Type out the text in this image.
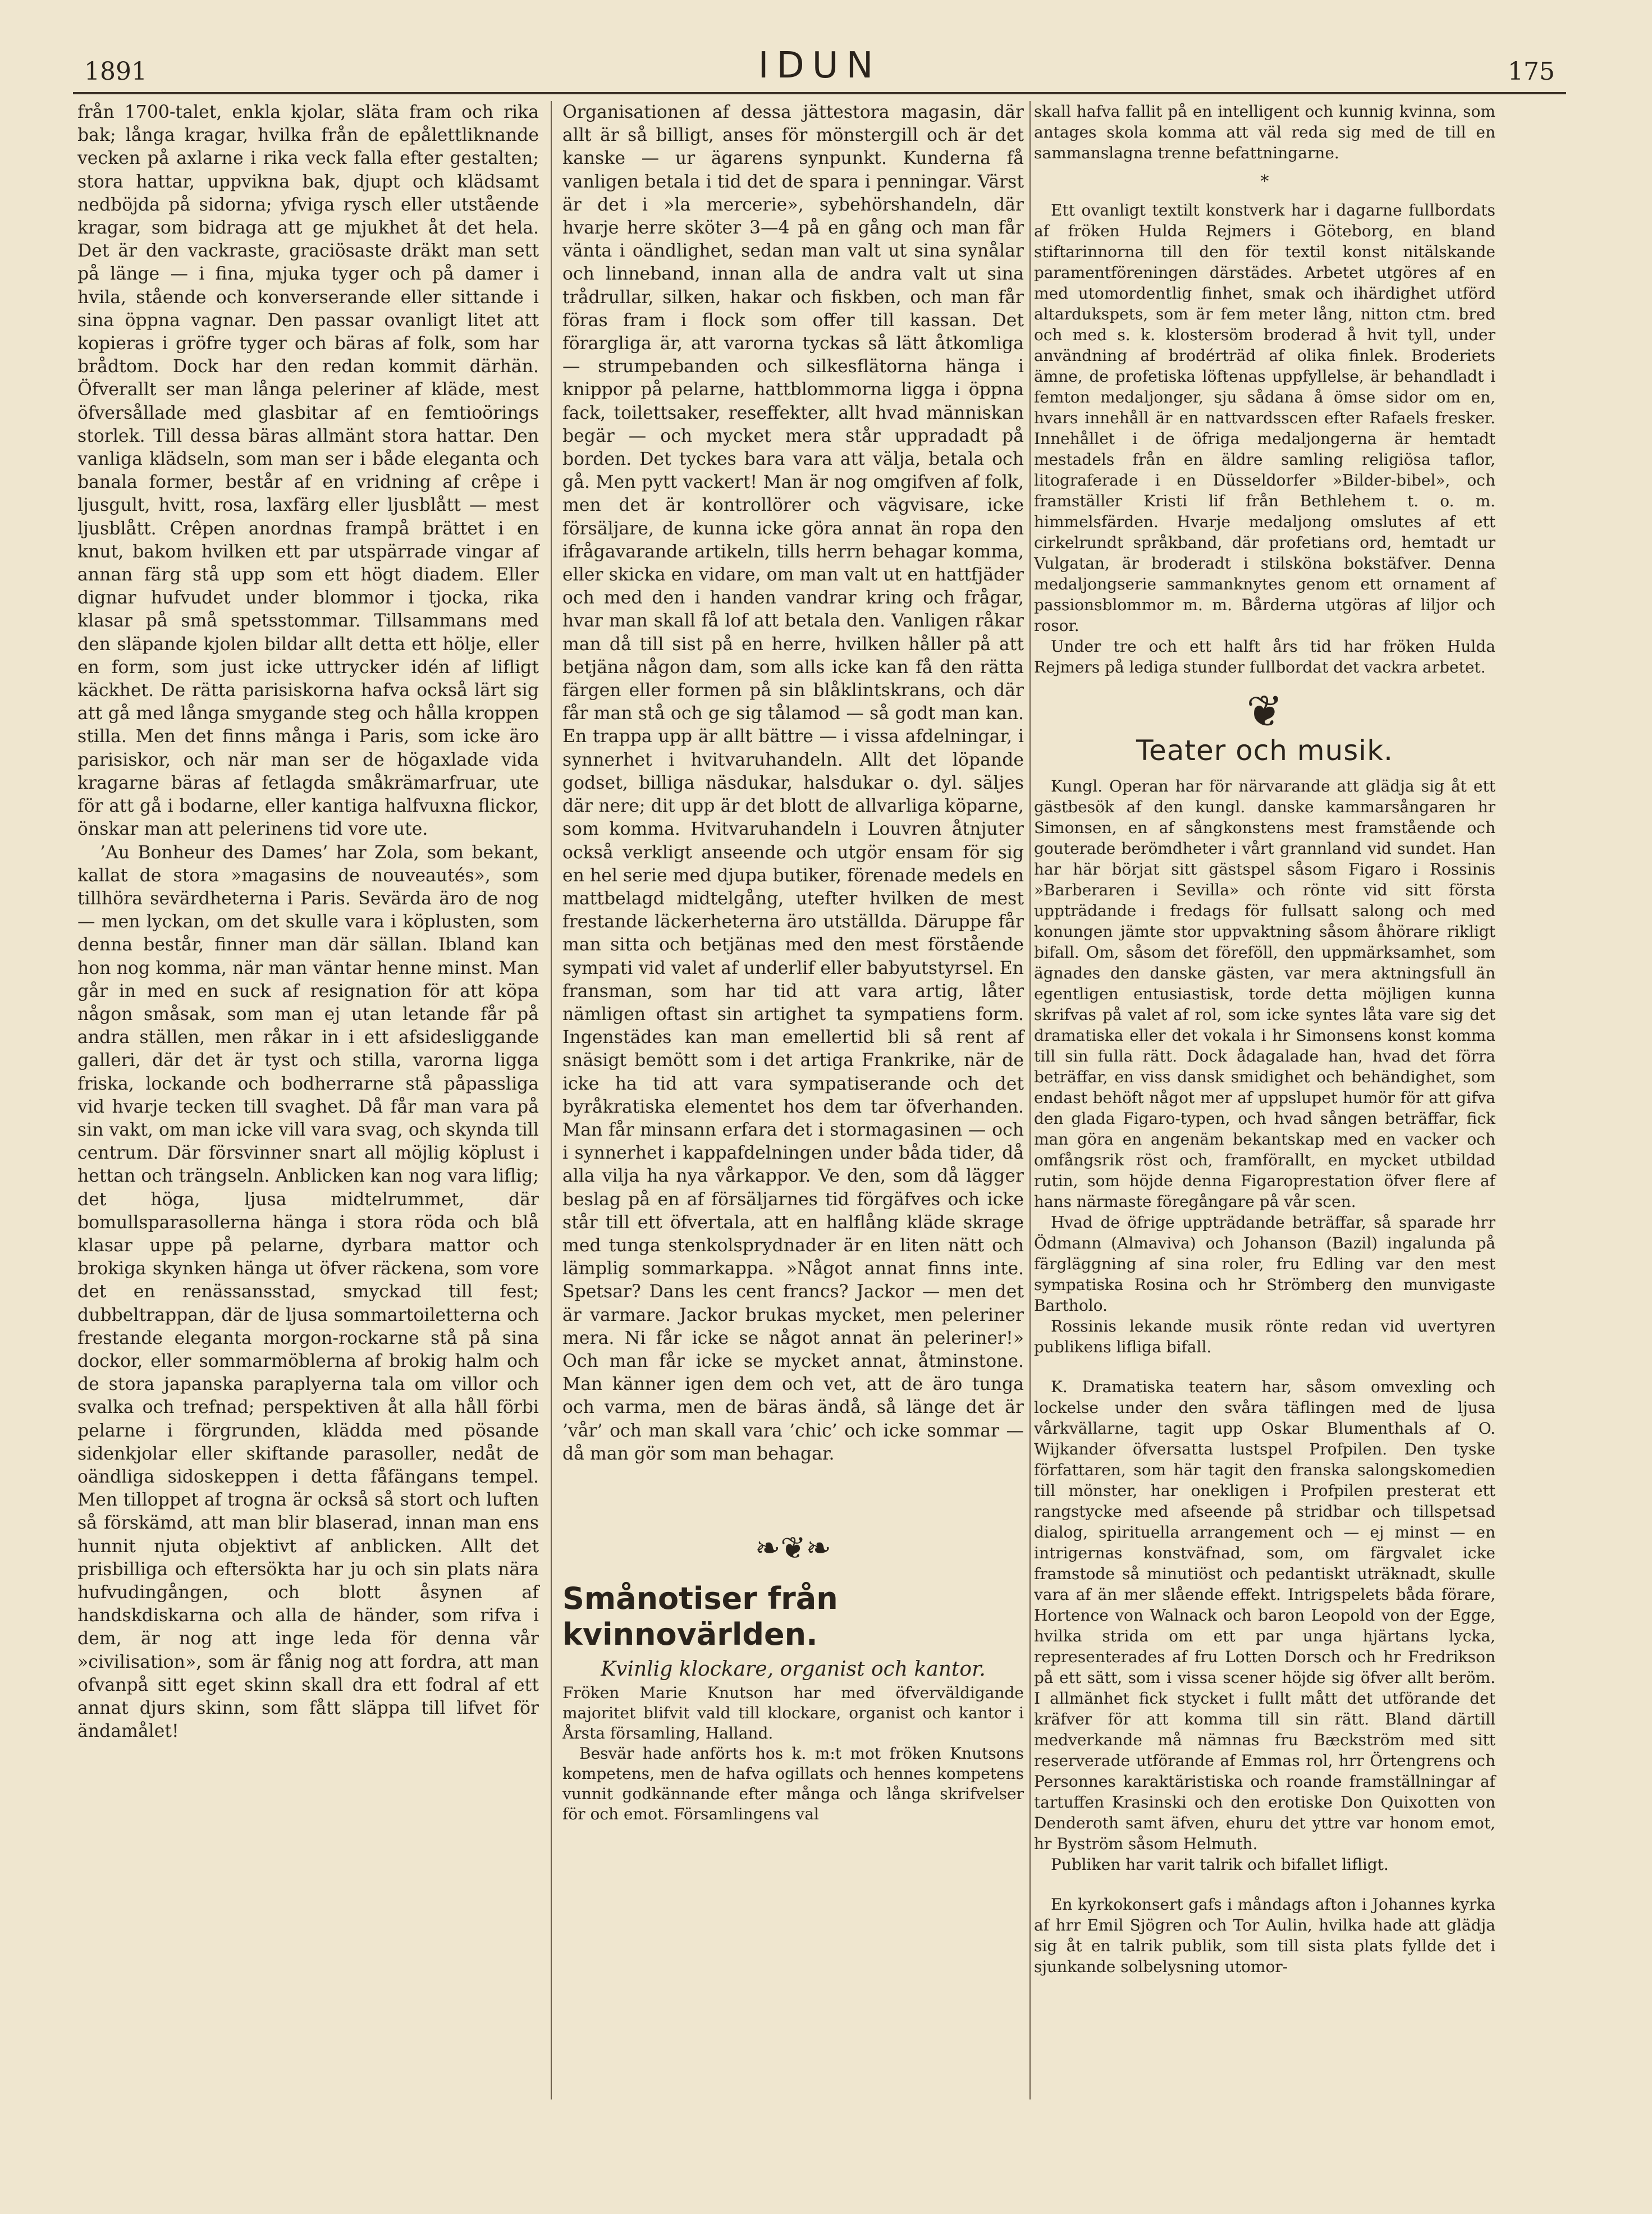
1891	IDUN	175

från 1700-talet, enkla kjolar, släta fram och rika bak; långa kragar, hvilka från de epålettliknande vecken på axlarne i rika veck falla efter gestalten; stora hattar, uppvikna bak, djupt och klädsamt nedböjda på sidorna; yfviga rysch eller utstående kragar, som bidraga att ge mjukhet åt det hela. Det är den vackraste, graciösaste dräkt man sett på länge — i fina, mjuka tyger och på damer i hvila, stående och konverserande eller sittande i sina öppna vagnar. Den passar ovanligt litet att kopieras i gröfre tyger och bäras af folk, som har brådtom. Dock har den redan kommit därhän. Öfverallt ser man långa peleriner af kläde, mest öfversållade med glasbitar af en femtioörings storlek. Till dessa bäras allmänt stora hattar. Den vanliga klädseln, som man ser i både eleganta och banala former, består af en vridning af crêpe i ljusgult, hvitt, rosa, laxfärg eller ljusblått — mest ljusblått. Crêpen anordnas frampå brättet i en knut, bakom hvilken ett par utspärrade vingar af annan färg stå upp som ett högt diadem. Eller dignar hufvudet under blommor i tjocka, rika klasar på små spetsstommar. Tillsammans med den släpande kjolen bildar allt detta ett hölje, eller en form, som just icke uttrycker idén af lifligt käckhet. De rätta parisiskorna hafva också lärt sig att gå med långa smygande steg och hålla kroppen stilla. Men det finns många i Paris, som icke äro parisiskor, och när man ser de högaxlade vida kragarne bäras af fetlagda småkrämarfruar, ute för att gå i bodarne, eller kantiga halfvuxna flickor, önskar man att pelerinens tid vore ute.

’Au Bonheur des Dames’ har Zola, som bekant, kallat de stora »magasins de nouveautés», som tillhöra sevärdheterna i Paris. Sevärda äro de nog — men lyckan, om det skulle vara i köplusten, som denna består, finner man där sällan. Ibland kan hon nog komma, när man väntar henne minst. Man går in med en suck af resignation för att köpa någon småsak, som man ej utan letande får på andra ställen, men råkar in i ett afsidesliggande galleri, där det är tyst och stilla, varorna ligga friska, lockande och bodherrarne stå påpassliga vid hvarje tecken till svaghet. Då får man vara på sin vakt, om man icke vill vara svag, och skynda till centrum. Där försvinner snart all möjlig köplust i hettan och trängseln. Anblicken kan nog vara liflig; det höga, ljusa midtelrummet, där bomullsparasollerna hänga i stora röda och blå klasar uppe på pelarne, dyrbara mattor och brokiga skynken hänga ut öfver räckena, som vore det en renässansstad, smyckad till fest; dubbeltrappan, där de ljusa sommartoiletterna och frestande eleganta morgon-rockarne stå på sina dockor, eller sommarmöblerna af brokig halm och de stora japanska paraplyerna tala om villor och svalka och trefnad; perspektiven åt alla håll förbi pelarne i förgrunden, klädda med pösande sidenkjolar eller skiftande parasoller, nedåt de oändliga sidoskeppen i detta fåfängans tempel. Men tilloppet af trogna är också så stort och luften så förskämd, att man blir blaserad, innan man ens hunnit njuta objektivt af anblicken. Allt det prisbilliga och eftersökta har ju och sin plats nära hufvudingången, och blott åsynen af handskdiskarna och alla de händer, som rifva i dem, är nog att inge leda för denna vår »civilisation», som är fånig nog att fordra, att man ofvanpå sitt eget skinn skall dra ett fodral af ett annat djurs skinn, som fått släppa till lifvet för ändamålet!

Organisationen af dessa jättestora magasin, där allt är så billigt, anses för mönstergill och är det kanske — ur ägarens synpunkt. Kunderna få vanligen betala i tid det de spara i penningar. Värst är det i »la mercerie», sybehörshandeln, där hvarje herre sköter 3—4 på en gång och man får vänta i oändlighet, sedan man valt ut sina synålar och linneband, innan alla de andra valt ut sina trådrullar, silken, hakar och fiskben, och man får föras fram i flock som offer till kassan. Det förargliga är, att varorna tyckas så lätt åtkomliga — strumpebanden och silkesflätorna hänga i knippor på pelarne, hattblommorna ligga i öppna fack, toilettsaker, reseffekter, allt hvad människan begär — och mycket mera står uppradadt på borden. Det tyckes bara vara att välja, betala och gå. Men pytt vackert! Man är nog omgifven af folk, men det är kontrollörer och vägvisare, icke försäljare, de kunna icke göra annat än ropa den ifrågavarande artikeln, tills herrn behagar komma, eller skicka en vidare, om man valt ut en hattfjäder och med den i handen vandrar kring och frågar, hvar man skall få lof att betala den. Vanligen råkar man då till sist på en herre, hvilken håller på att betjäna någon dam, som alls icke kan få den rätta färgen eller formen på sin blåklintskrans, och där får man stå och ge sig tålamod — så godt man kan. En trappa upp är allt bättre — i vissa afdelningar, i synnerhet i hvitvaruhandeln. Allt det löpande godset, billiga näsdukar, halsdukar o. dyl. säljes där nere; dit upp är det blott de allvarliga köparne, som komma. Hvitvaruhandeln i Louvren åtnjuter också verkligt anseende och utgör ensam för sig en hel serie med djupa butiker, förenade medels en mattbelagd midtelgång, utefter hvilken de mest frestande läckerheterna äro utställda. Däruppe får man sitta och betjänas med den mest förstående sympati vid valet af underlif eller babyutstyrsel. En fransman, som har tid att vara artig, låter nämligen oftast sin artighet ta sympatiens form. Ingenstädes kan man emellertid bli så rent af snäsigt bemött som i det artiga Frankrike, när de icke ha tid att vara sympatiserande och det byråkratiska elementet hos dem tar öfverhanden. Man får minsann erfara det i stormagasinen — och i synnerhet i kappafdelningen under båda tider, då alla vilja ha nya vårkappor. Ve den, som då lägger beslag på en af försäljarnes tid förgäfves och icke står till ett öfvertala, att en halflång kläde skrage med tunga stenkolsprydnader är en liten nätt och lämplig sommarkappa. »Något annat finns inte. Spetsar? Dans les cent francs? Jackor — men det är varmare. Jackor brukas mycket, men peleriner mera. Ni får icke se något annat än peleriner!» Och man får icke se mycket annat, åtminstone. Man känner igen dem och vet, att de äro tunga och varma, men de bäras ändå, så länge det är ’vår’ och man skall vara ’chic’ och icke sommar — då man gör som man behagar.

❧❦❧
Smånotiser från kvinnovärlden.
Kvinlig klockare, organist och kantor.

Fröken Marie Knutson har med öfverväldigande majoritet blifvit vald till klockare, organist och kantor i Årsta församling, Halland.

Besvär hade anförts hos k. m:t mot fröken Knutsons kompetens, men de hafva ogillats och hennes kompetens vunnit godkännande efter många och långa skrifvelser för och emot. Församlingens val

skall hafva fallit på en intelligent och kunnig kvinna, som antages skola komma att väl reda sig med de till en sammanslagna trenne befattningarne.

*

Ett ovanligt textilt konstverk har i dagarne fullbordats af fröken Hulda Rejmers i Göteborg, en bland stiftarinnorna till den för textil konst nitälskande paramentföreningen därstädes. Arbetet utgöres af en med utomordentlig finhet, smak och ihärdighet utförd altardukspets, som är fem meter lång, nitton ctm. bred och med s. k. klostersöm broderad å hvit tyll, under användning af brodérträd af olika finlek. Broderiets ämne, de profetiska löftenas uppfyllelse, är behandladt i femton medaljonger, sju sådana å ömse sidor om en, hvars innehåll är en nattvardsscen efter Rafaels fresker. Innehållet i de öfriga medaljongerna är hemtadt mestadels från en äldre samling religiösa taflor, litograferade i en Düsseldorfer »Bilder-bibel», och framställer Kristi lif från Bethlehem t. o. m. himmelsfärden. Hvarje medaljong omslutes af ett cirkelrundt språkband, där profetians ord, hemtadt ur Vulgatan, är broderadt i stilsköna bokstäfver. Denna medaljongserie sammanknytes genom ett ornament af passionsblommor m. m. Bårderna utgöras af liljor och rosor.

Under tre och ett halft års tid har fröken Hulda Rejmers på lediga stunder fullbordat det vackra arbetet.

❦
Teater och musik.

Kungl. Operan har för närvarande att glädja sig åt ett gästbesök af den kungl. danske kammarsångaren hr Simonsen, en af sångkonstens mest framstående och gouterade berömdheter i vårt grannland vid sundet. Han har här börjat sitt gästspel såsom Figaro i Rossinis »Barberaren i Sevilla» och rönte vid sitt första uppträdande i fredags för fullsatt salong och med konungen jämte stor uppvaktning såsom åhörare rikligt bifall. Om, såsom det föreföll, den uppmärksamhet, som ägnades den danske gästen, var mera aktningsfull än egentligen entusiastisk, torde detta möjligen kunna skrifvas på valet af rol, som icke syntes låta vare sig det dramatiska eller det vokala i hr Simonsens konst komma till sin fulla rätt. Dock ådagalade han, hvad det förra beträffar, en viss dansk smidighet och behändighet, som endast behöft något mer af uppslupet humör för att gifva den glada Figaro-typen, och hvad sången beträffar, fick man göra en angenäm bekantskap med en vacker och omfångsrik röst och, framförallt, en mycket utbildad rutin, som höjde denna Figaroprestation öfver flere af hans närmaste föregångare på vår scen.

Hvad de öfrige uppträdande beträffar, så sparade hrr Ödmann (Almaviva) och Johanson (Bazil) ingalunda på färgläggning af sina roler, fru Edling var den mest sympatiska Rosina och hr Strömberg den munvigaste Bartholo.

Rossinis lekande musik rönte redan vid uvertyren publikens lifliga bifall.

K. Dramatiska teatern har, såsom omvexling och lockelse under den svåra täflingen med de ljusa vårkvällarne, tagit upp Oskar Blumenthals af O. Wijkander öfversatta lustspel Profpilen. Den tyske författaren, som här tagit den franska salongskomedien till mönster, har onekligen i Profpilen presterat ett rangstycke med afseende på stridbar och tillspetsad dialog, spirituella arrangement och — ej minst — en intrigernas konstväfnad, som, om färgvalet icke framstode så minutiöst och pedantiskt uträknadt, skulle vara af än mer slående effekt. Intrigspelets båda förare, Hortence von Walnack och baron Leopold von der Egge, hvilka strida om ett par unga hjärtans lycka, representerades af fru Lotten Dorsch och hr Fredrikson på ett sätt, som i vissa scener höjde sig öfver allt beröm. I allmänhet fick stycket i fullt mått det utförande det kräfver för att komma till sin rätt. Bland därtill medverkande må nämnas fru Bæckström med sitt reserverade utförande af Emmas rol, hrr Örtengrens och Personnes karaktäristiska och roande framställningar af tartuffen Krasinski och den erotiske Don Quixotten von Denderoth samt äfven, ehuru det yttre var honom emot, hr Byström såsom Helmuth.

Publiken har varit talrik och bifallet lifligt.

En kyrkokonsert gafs i måndags afton i Johannes kyrka af hrr Emil Sjögren och Tor Aulin, hvilka hade att glädja sig åt en talrik publik, som till sista plats fyllde det i sjunkande solbelysning utomor-
